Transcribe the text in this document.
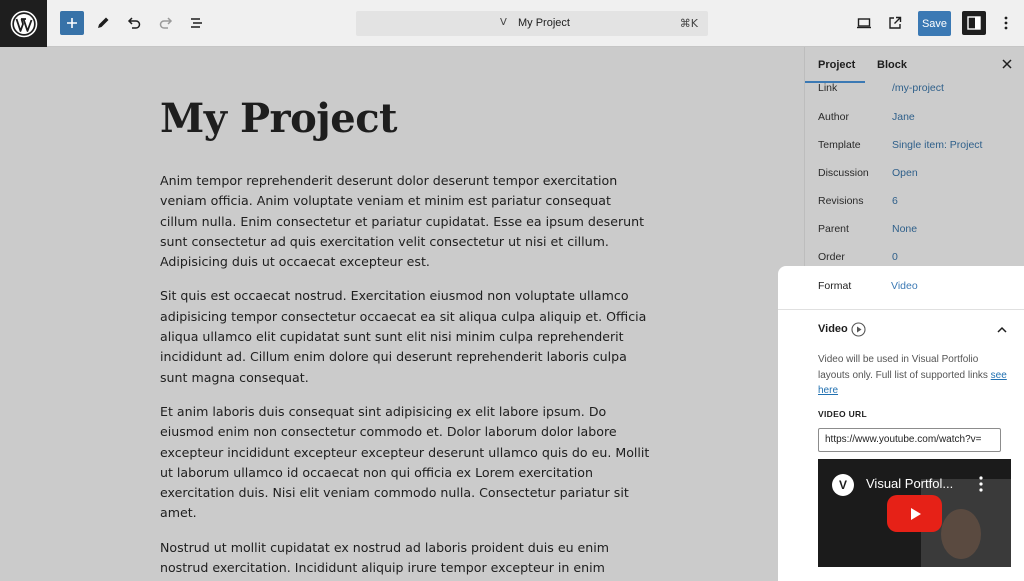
V My Project	⌘K	Save
My Project

Anim tempor reprehenderit deserunt dolor deserunt tempor exercitation veniam officia. Anim voluptate veniam et minim est pariatur consequat cillum nulla. Enim consectetur et pariatur cupidatat. Esse ea ipsum deserunt sunt consectetur ad quis exercitation velit consectetur ut nisi et cillum. Adipisicing duis ut occaecat excepteur est.

Sit quis est occaecat nostrud. Exercitation eiusmod non voluptate ullamco adipisicing tempor consectetur occaecat ea sit aliqua culpa aliquip et. Officia aliqua ullamco elit cupidatat sunt sunt elit nisi minim culpa reprehenderit incididunt ad. Cillum enim dolore qui deserunt reprehenderit laboris culpa sunt magna consequat.

Et anim laboris duis consequat sint adipisicing ex elit labore ipsum. Do eiusmod enim non consectetur commodo et. Dolor laborum dolor labore excepteur incididunt excepteur excepteur deserunt ullamco quis do eu. Mollit ut laborum ullamco id occaecat non qui officia ex Lorem exercitation exercitation duis. Nisi elit veniam commodo nulla. Consectetur pariatur sit amet.

Nostrud ut mollit cupidatat ex nostrud ad laboris proident duis eu enim nostrud exercitation. Incididunt aliquip irure tempor excepteur in enim

Project Block
Link	/my-project
Author	Jane
Template	Single item: Project
Discussion Open
Revisions	6
Parent	None
Order	0
Format	Video
Video
Video will be used in Visual Portfolio layouts only. Full list of supported links see here
VIDEO URL
https://www.youtube.com/watch?v=
V	Visual Portfol...
